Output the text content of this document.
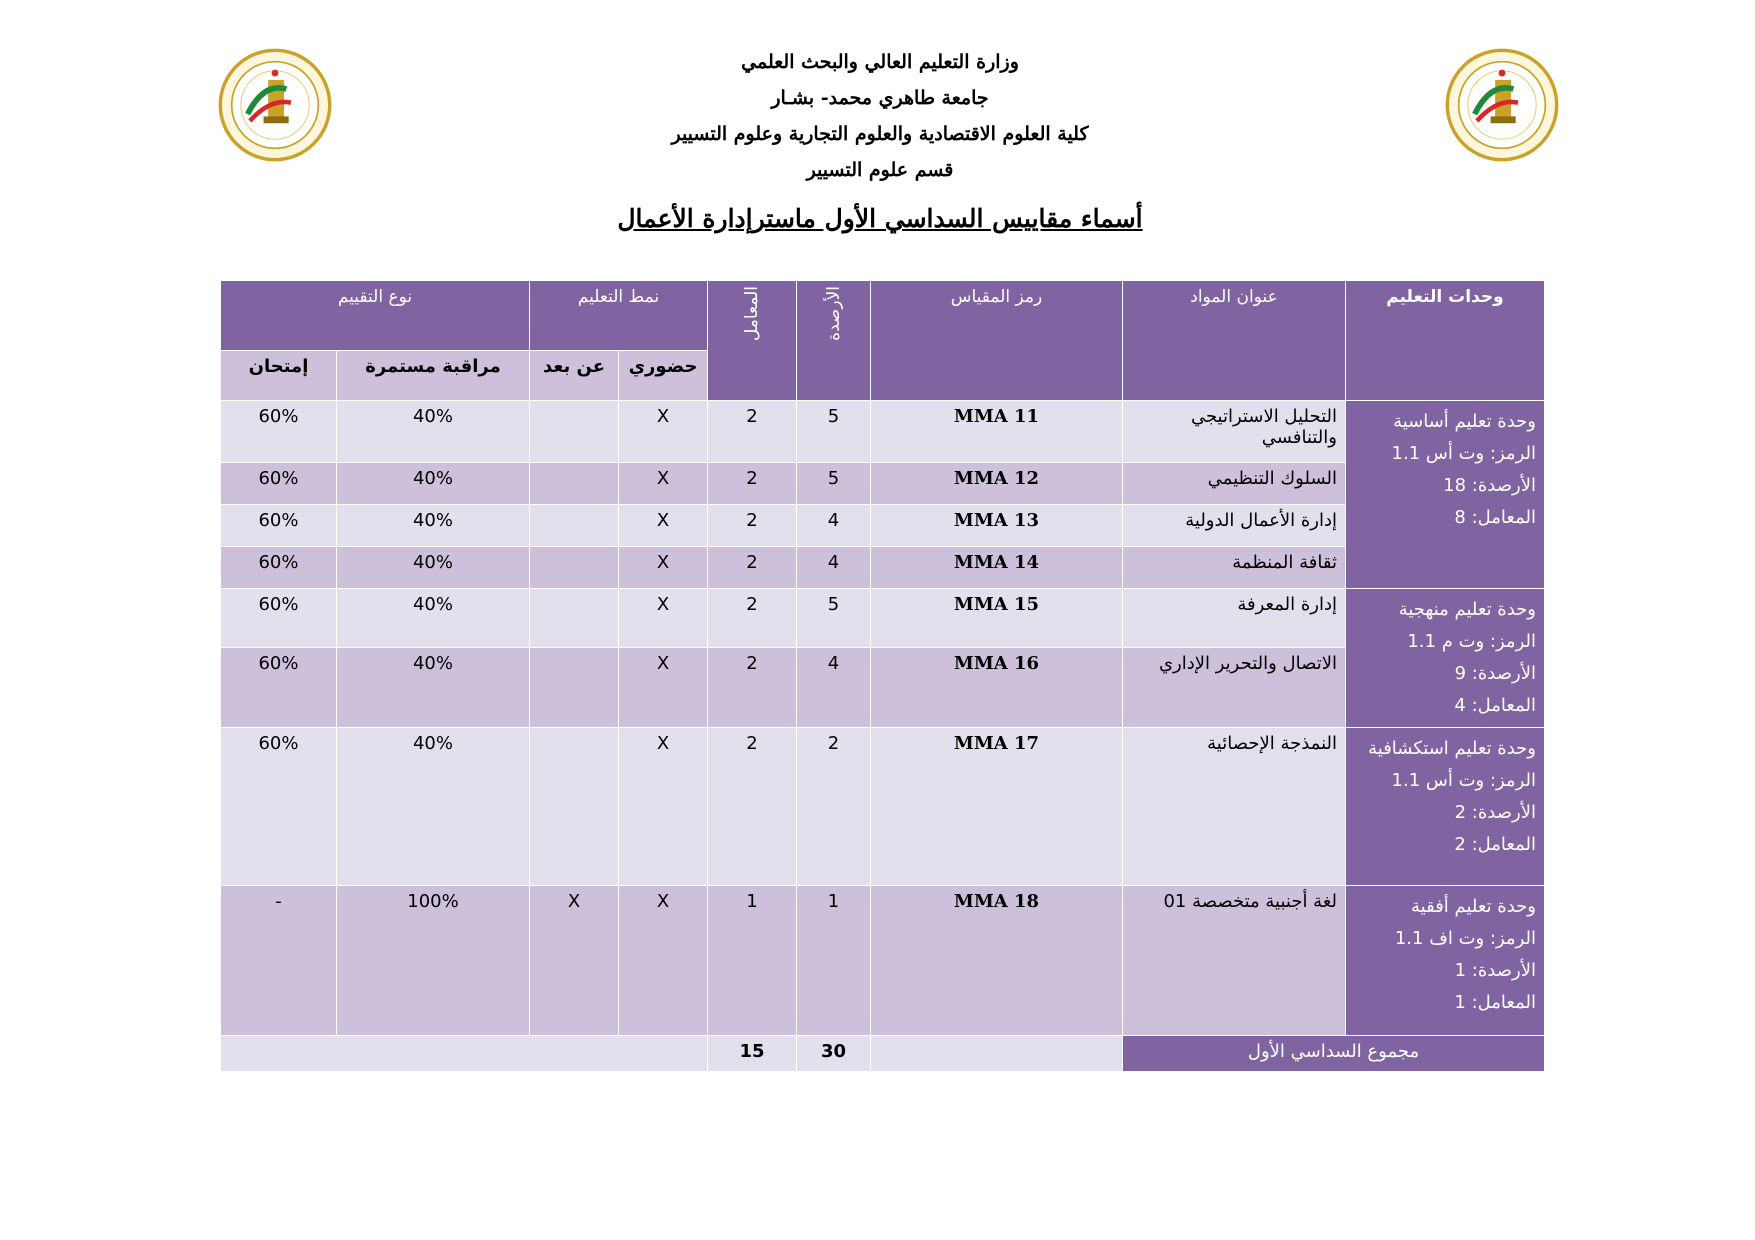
وزارة التعليم العالي والبحث العلمي
جامعة طاهري محمد- بشـار
كلية العلوم الاقتصادية والعلوم التجارية وعلوم التسيير
قسم علوم التسيير
أسماء مقاييس السداسي الأول ماسترإدارة الأعمال
نوع التقييم		نمط التعليم		المعامل	الأرصدة	رمز المقياس	عنوان المواد	وحدات التعليم
إمتحان	مراقبة مستمرة	عن بعد	حضوري					
60%	40%		X	2	5	MMA 11	التحليل الاستراتيجي والتنافسي	وحدة تعليم أساسية
الرمز: وت أس 1.1
الأرصدة: 18
المعامل: 8

60%	40%		X	2	5	MMA 12	السلوك التنظيمي	
60%	40%		X	2	4	MMA 13	إدارة الأعمال الدولية	
60%	40%		X	2	4	MMA 14	ثقافة المنظمة	
60%	40%		X	2	5	MMA 15	إدارة المعرفة	وحدة تعليم منهجية
الرمز: وت م 1.1
الأرصدة: 9
المعامل: 4

60%	40%		X	2	4	MMA 16	الاتصال والتحرير الإداري	
60%	40%		X	2	2	MMA 17	النمذجة الإحصائية	وحدة تعليم استكشافية
الرمز: وت أس 1.1
الأرصدة: 2
المعامل: 2

-	100%	X	X	1	1	MMA 18	لغة أجنبية متخصصة 01	وحدة تعليم أفقية
الرمز: وت اف 1.1
الأرصدة: 1
المعامل: 1

				15	30		مجموع السداسي الأول	
